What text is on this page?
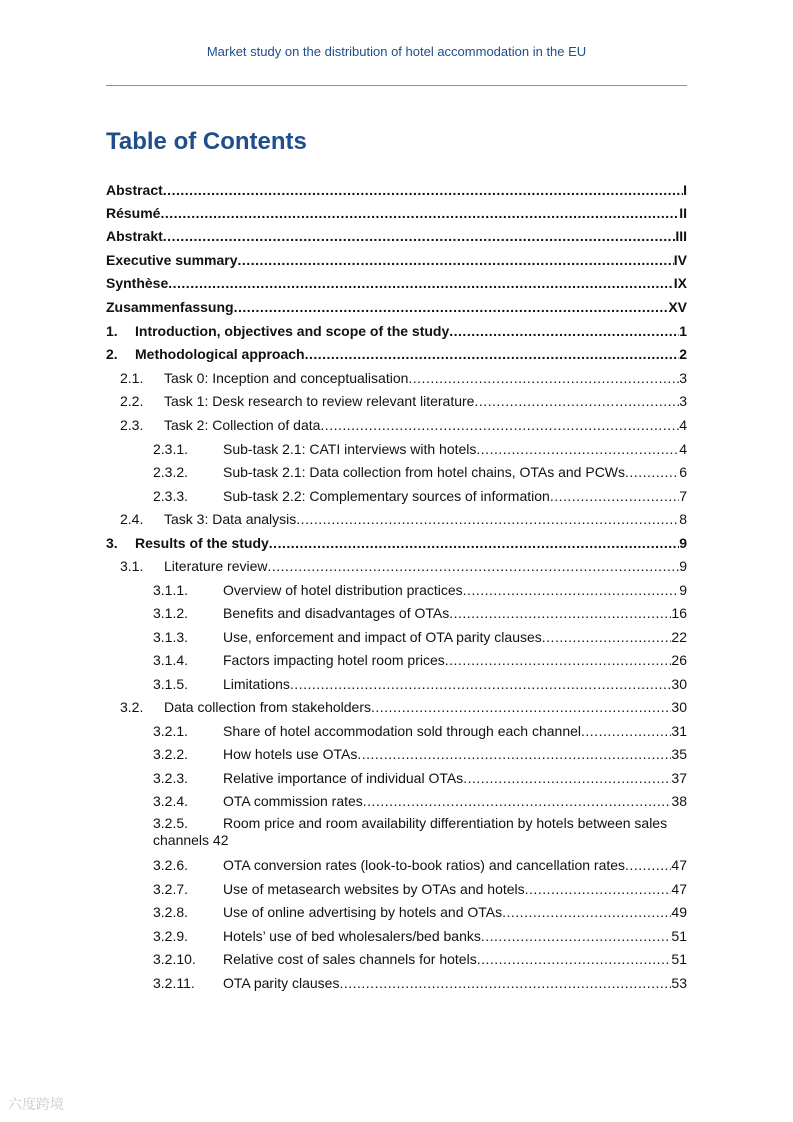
Market study on the distribution of hotel accommodation in the EU
Table of Contents
Abstract .....	I
Résumé .....	II
Abstrakt .....	III
Executive summary .....	IV
Synthèse .....	IX
Zusammenfassung .....	XV
1.	Introduction, objectives and scope of the study .....	1
2.	Methodological approach .....	2
2.1.	Task 0: Inception and conceptualisation .....	3
2.2.	Task 1: Desk research to review relevant literature .....	3
2.3.	Task 2: Collection of data .....	4
2.3.1.	Sub-task 2.1: CATI interviews with hotels .....	4
2.3.2.	Sub-task 2.1: Data collection from hotel chains, OTAs and PCWs .....	6
2.3.3.	Sub-task 2.2: Complementary sources of information .....	7
2.4.	Task 3: Data analysis .....	8
3.	Results of the study .....	9
3.1.	Literature review .....	9
3.1.1.	Overview of hotel distribution practices .....	9
3.1.2.	Benefits and disadvantages of OTAs .....	16
3.1.3.	Use, enforcement and impact of OTA parity clauses .....	22
3.1.4.	Factors impacting hotel room prices .....	26
3.1.5.	Limitations .....	30
3.2.	Data collection from stakeholders .....	30
3.2.1.	Share of hotel accommodation sold through each channel .....	31
3.2.2.	How hotels use OTAs .....	35
3.2.3.	Relative importance of individual OTAs .....	37
3.2.4.	OTA commission rates .....	38
3.2.5. Room price and room availability differentiation by hotels between sales channels 42
3.2.6.	OTA conversion rates (look-to-book ratios) and cancellation rates .....	47
3.2.7.	Use of metasearch websites by OTAs and hotels .....	47
3.2.8.	Use of online advertising by hotels and OTAs .....	49
3.2.9.	Hotels’ use of bed wholesalers/bed banks .....	51
3.2.10.	Relative cost of sales channels for hotels .....	51
3.2.11.	OTA parity clauses .....	53
六度跨境
